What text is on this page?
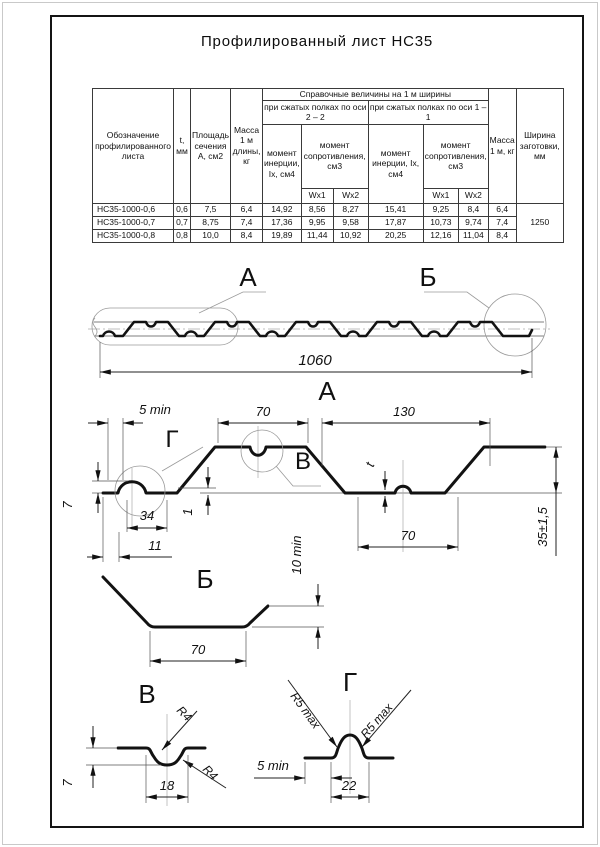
Профилированный лист НС35
Обозначение профилированного листа	t, мм	Площадь сечения А, см2	Масса 1 м длины, кг	Справочные величины на 1 м ширины						Масса 1 м, кг	Ширина заготовки, мм
				при сжатых полках по оси 2 – 2			при сжатых полках по оси 1 – 1				
				момент инерции, Ix, см4	момент сопротивления, см3		момент инерции, Ix, см4	момент сопротивления, см3			
					Wx1	Wx2		Wx1	Wx2		
НС35-1000-0,6	0,6	7,5	6,4	14,92	8,56	8,27	15,41	9,25	8,4	6,4	1250
НС35-1000-0,7	0,7	8,75	7,4	17,36	9,95	9,58	17,87	10,73	9,74	7,4	
НС35-1000-0,8	0,8	10,0	8,4	19,89	11,44	10,92	20,25	12,16	11,04	8,4	
А	Б
1060
А
Г
В
5 min	70	130
7
34
11
1
t
70	35±1,5
Б
70
10 min
В
R4
R4
7	18
Г
R5 max	R5 max
5 min
22
